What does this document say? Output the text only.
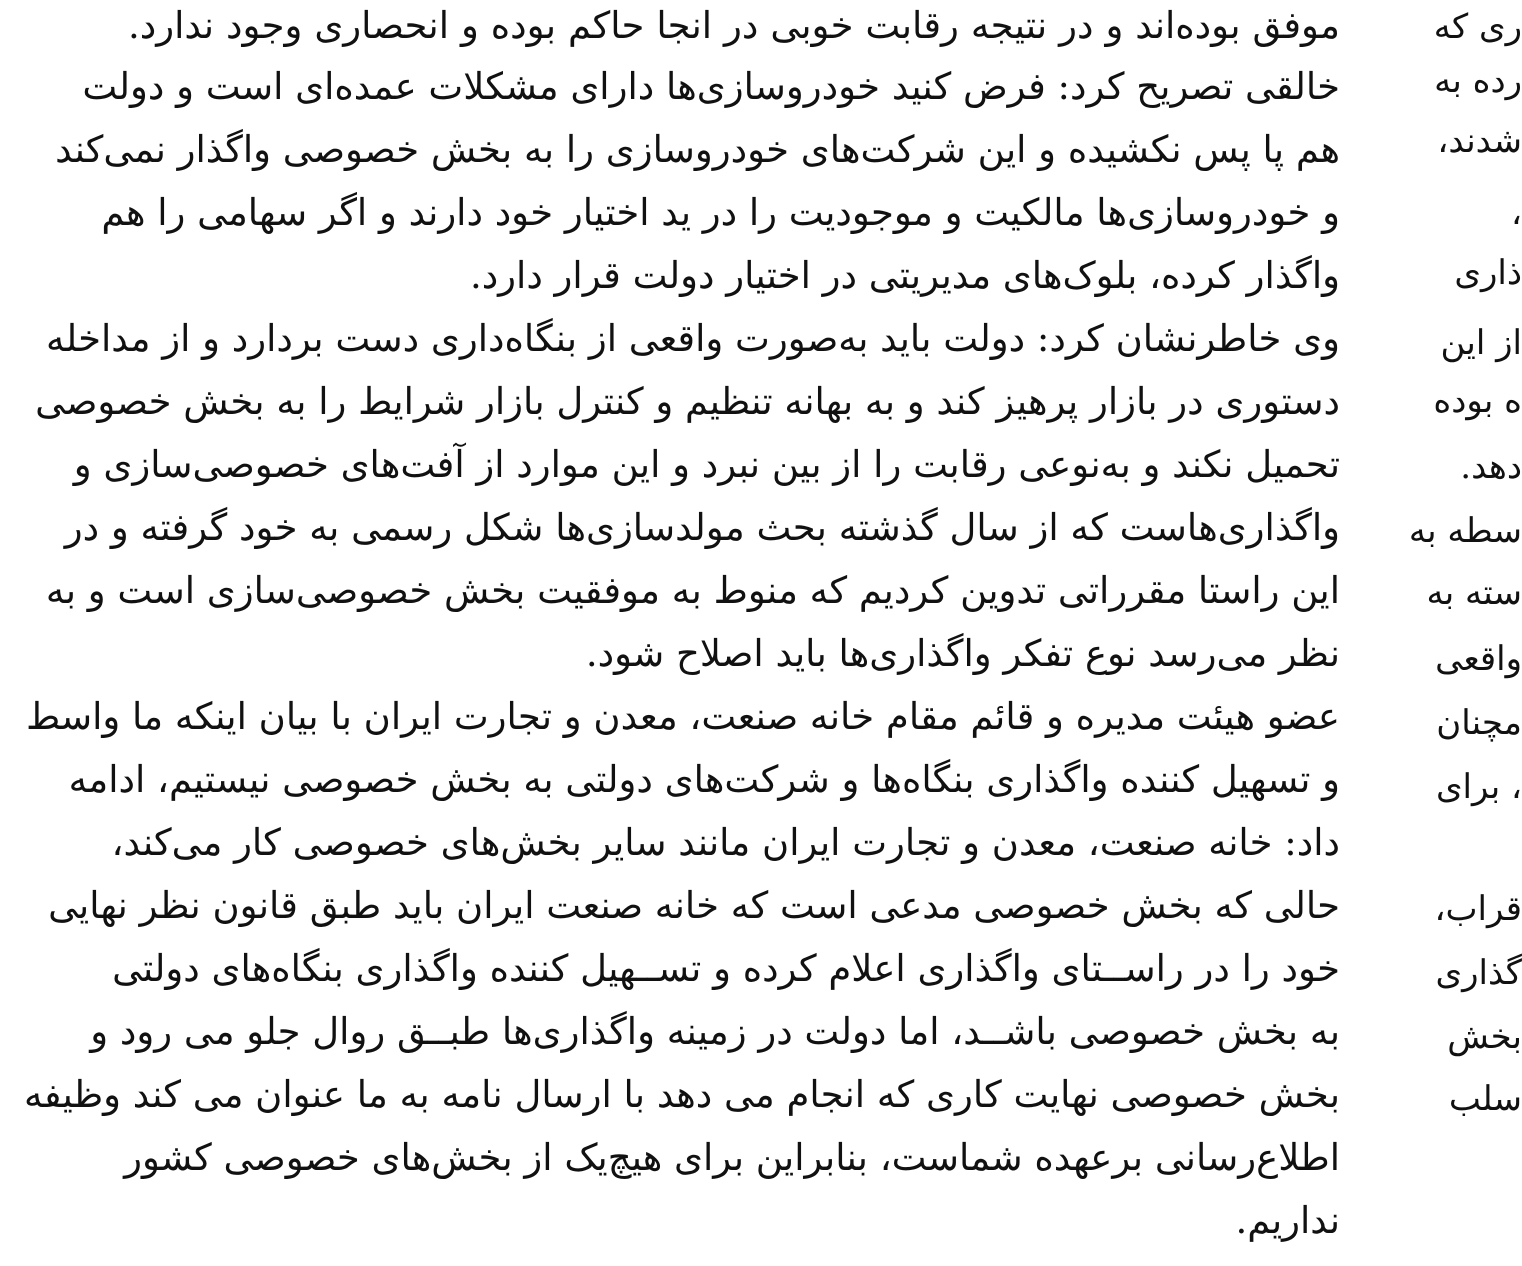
موفق بوده‌اند و در نتیجه رقابت خوبی در انجا حاکم بوده و انحصاری وجود ندارد.
خالقی تصریح کرد: فرض کنید خودروسازی‌ها دارای مشکلات عمده‌ای است و دولت
هم پا پس نکشیده و این شرکت‌های خودروسازی را به بخش خصوصی واگذار نمی‌کند
و خودروسازی‌ها مالکیت و موجودیت را در ید اختیار خود دارند و اگر سهامی را هم
واگذار کرده، بلوک‌های مدیریتی در اختیار دولت قرار دارد.
وی خاطرنشان کرد: دولت باید به‌صورت واقعی از بنگاه‌داری دست بردارد و از مداخله
دستوری در بازار پرهیز کند و به بهانه تنظیم و کنترل بازار شرایط را به بخش خصوصی
تحمیل نکند و به‌نوعی رقابت را از بین نبرد و این موارد از آفت‌های خصوصی‌سازی و
واگذاری‌هاست که از سال گذشته بحث مولدسازی‌ها شکل رسمی به خود گرفته و در
این راستا مقرراتی تدوین کردیم که منوط به موفقیت بخش خصوصی‌سازی است و به
نظر می‌رسد نوع تفکر واگذاری‌ها باید اصلاح شود.
عضو هیئت مدیره و قائم مقام خانه صنعت، معدن و تجارت ایران با بیان اینکه ما واسط
و تسهیل کننده واگذاری بنگاه‌ها و شرکت‌های دولتی به بخش خصوصی نیستیم، ادامه
داد: خانه صنعت، معدن و تجارت ایران مانند سایر بخش‌های خصوصی کار می‌کند،
حالی که بخش خصوصی مدعی است که خانه صنعت ایران باید طبق قانون نظر نهایی
خود را در راســتای واگذاری اعلام کرده و تســهیل کننده واگذاری بنگاه‌های دولتی
به بخش خصوصی باشــد، اما دولت در زمینه واگذاری‌ها طبــق روال جلو می رود و
بخش خصوصی نهایت کاری که انجام می دهد با ارسال نامه به ما عنوان می کند وظیفه
اطلاع‌رسانی برعهده شماست، بنابراین برای هیچ‌یک از بخش‌های خصوصی کشور
نداریم.
ری که
رده به
شدند،
،
ذاری
از این
ه بوده
دهد.
سطه به
سته به
واقعی
مچنان
، برای
قراب،
گذاری
بخش
سلب
